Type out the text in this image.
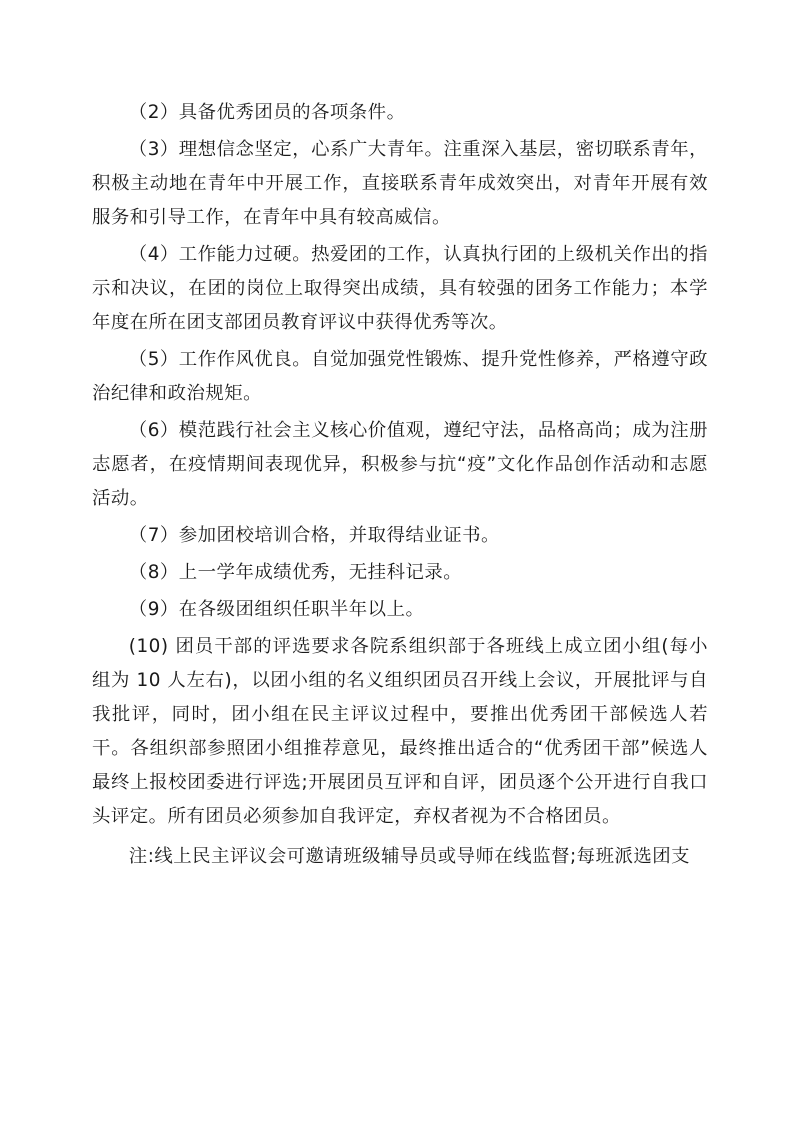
（2）具备优秀团员的各项条件。

（3）理想信念坚定，心系广大青年。注重深入基层，密切联系青年，积极主动地在青年中开展工作，直接联系青年成效突出，对青年开展有效服务和引导工作，在青年中具有较高威信。

（4）工作能力过硬。热爱团的工作，认真执行团的上级机关作出的指示和决议，在团的岗位上取得突出成绩，具有较强的团务工作能力；本学年度在所在团支部团员教育评议中获得优秀等次。

（5）工作作风优良。自觉加强党性锻炼、提升党性修养，严格遵守政治纪律和政治规矩。

（6）模范践行社会主义核心价值观，遵纪守法，品格高尚；成为注册志愿者，在疫情期间表现优异，积极参与抗“疫”文化作品创作活动和志愿活动。

（7）参加团校培训合格，并取得结业证书。

（8）上一学年成绩优秀，无挂科记录。

（9）在各级团组织任职半年以上。

(10) 团员干部的评选要求各院系组织部于各班线上成立团小组(每小组为 10 人左右)，以团小组的名义组织团员召开线上会议，开展批评与自我批评，同时，团小组在民主评议过程中，要推出优秀团干部候选人若干。各组织部参照团小组推荐意见，最终推出适合的“优秀团干部”候选人最终上报校团委进行评选;开展团员互评和自评，团员逐个公开进行自我口头评定。所有团员必须参加自我评定，弃权者视为不合格团员。

注:线上民主评议会可邀请班级辅导员或导师在线监督;每班派选团支
